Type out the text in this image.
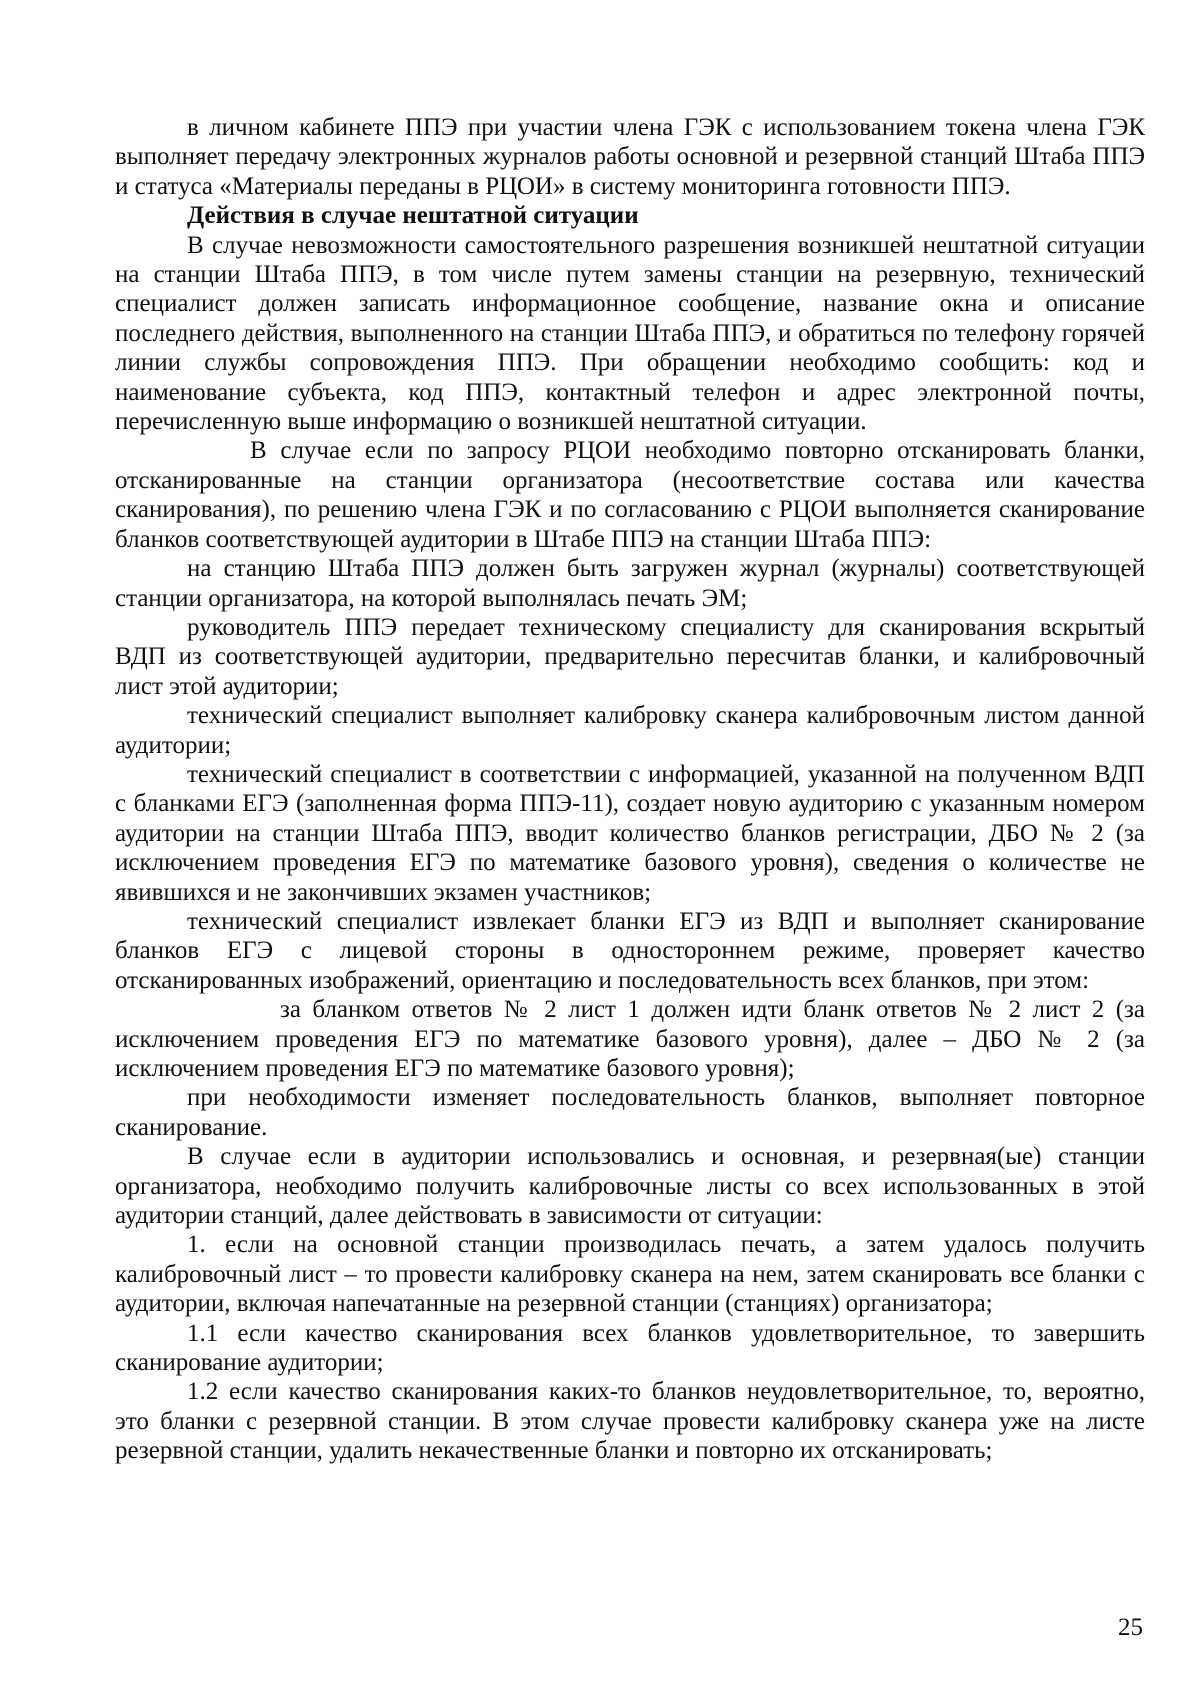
в личном кабинете ППЭ при участии члена ГЭК с использованием токена члена ГЭК выполняет передачу электронных журналов работы основной и резервной станций Штаба ППЭ и статуса «Материалы переданы в РЦОИ» в систему мониторинга готовности ППЭ.

Действия в случае нештатной ситуации

В случае невозможности самостоятельного разрешения возникшей нештатной ситуации на станции Штаба ППЭ, в том числе путем замены станции на резервную, технический специалист должен записать информационное сообщение, название окна и описание последнего действия, выполненного на станции Штаба ППЭ, и обратиться по телефону горячей линии службы сопровождения ППЭ. При обращении необходимо сообщить: код и наименование субъекта, код ППЭ, контактный телефон и адрес электронной почты, перечисленную выше информацию о возникшей нештатной ситуации.

В случае если по запросу РЦОИ необходимо повторно отсканировать бланки, отсканированные на станции организатора (несоответствие состава или качества сканирования), по решению члена ГЭК и по согласованию с РЦОИ выполняется сканирование бланков соответствующей аудитории в Штабе ППЭ на станции Штаба ППЭ:

на станцию Штаба ППЭ должен быть загружен журнал (журналы) соответствующей станции организатора, на которой выполнялась печать ЭМ;

руководитель ППЭ передает техническому специалисту для сканирования вскрытый ВДП из соответствующей аудитории, предварительно пересчитав бланки, и калибровочный лист этой аудитории;

технический специалист выполняет калибровку сканера калибровочным листом данной аудитории;

технический специалист в соответствии с информацией, указанной на полученном ВДП с бланками ЕГЭ (заполненная форма ППЭ-11), создает новую аудиторию с указанным номером аудитории на станции Штаба ППЭ, вводит количество бланков регистрации, ДБО № 2 (за исключением проведения ЕГЭ по математике базового уровня), сведения о количестве не явившихся и не закончивших экзамен участников;

технический специалист извлекает бланки ЕГЭ из ВДП и выполняет сканирование бланков ЕГЭ с лицевой стороны в одностороннем режиме, проверяет качество отсканированных изображений, ориентацию и последовательность всех бланков, при этом:

за бланком ответов № 2 лист 1 должен идти бланк ответов № 2 лист 2 (за исключением проведения ЕГЭ по математике базового уровня), далее – ДБО № 2 (за исключением проведения ЕГЭ по математике базового уровня);

при необходимости изменяет последовательность бланков, выполняет повторное сканирование.

В случае если в аудитории использовались и основная, и резервная(ые) станции организатора, необходимо получить калибровочные листы со всех использованных в этой аудитории станций, далее действовать в зависимости от ситуации:

1. если на основной станции производилась печать, а затем удалось получить калибровочный лист – то провести калибровку сканера на нем, затем сканировать все бланки с аудитории, включая напечатанные на резервной станции (станциях) организатора;

1.1 если качество сканирования всех бланков удовлетворительное, то завершить сканирование аудитории;

1.2 если качество сканирования каких-то бланков неудовлетворительное, то, вероятно, это бланки с резервной станции. В этом случае провести калибровку сканера уже на листе резервной станции, удалить некачественные бланки и повторно их отсканировать;

25
